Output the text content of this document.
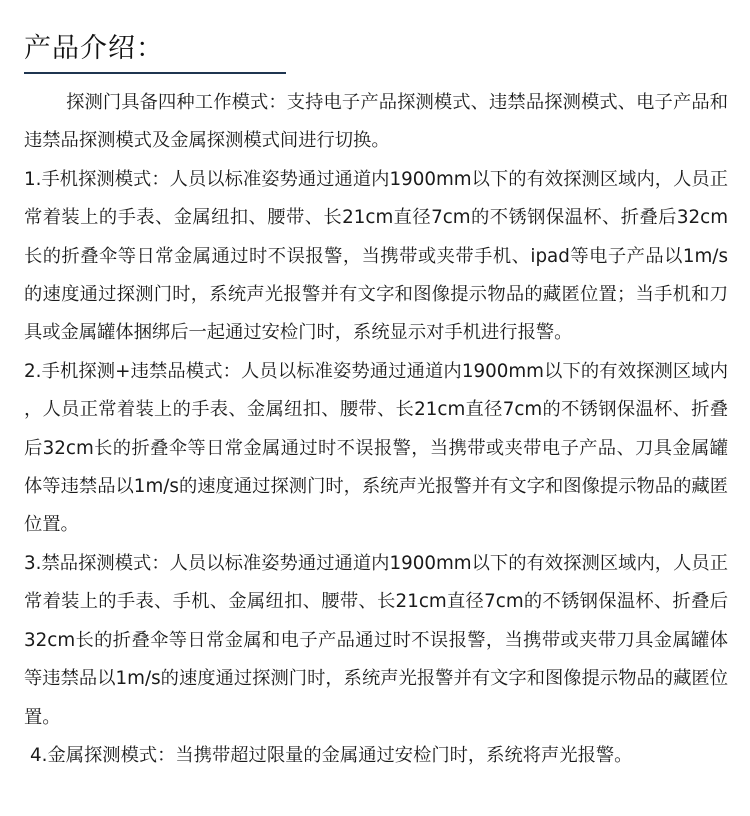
产品介绍：

探测门具备四种工作模式：支持电子产品探测模式、违禁品探测模式、电子产品和违禁品探测模式及金属探测模式间进行切换。

1.手机探测模式：人员以标准姿势通过通道内1900mm以下的有效探测区域内，人员正常着装上的手表、金属纽扣、腰带、长21cm直径7cm的不锈钢保温杯、折叠后32cm长的折叠伞等日常金属通过时不误报警，当携带或夹带手机、ipad等电子产品以1m/s的速度通过探测门时，系统声光报警并有文字和图像提示物品的藏匿位置；当手机和刀具或金属罐体捆绑后一起通过安检门时，系统显示对手机进行报警。

2.手机探测+违禁品模式：人员以标准姿势通过通道内1900mm以下的有效探测区域内，人员正常着装上的手表、金属纽扣、腰带、长21cm直径7cm的不锈钢保温杯、折叠后32cm长的折叠伞等日常金属通过时不误报警，当携带或夹带电子产品、刀具金属罐体等违禁品以1m/s的速度通过探测门时，系统声光报警并有文字和图像提示物品的藏匿位置。

3.禁品探测模式：人员以标准姿势通过通道内1900mm以下的有效探测区域内，人员正常着装上的手表、手机、金属纽扣、腰带、长21cm直径7cm的不锈钢保温杯、折叠后32cm长的折叠伞等日常金属和电子产品通过时不误报警，当携带或夹带刀具金属罐体等违禁品以1m/s的速度通过探测门时，系统声光报警并有文字和图像提示物品的藏匿位置。

4.金属探测模式：当携带超过限量的金属通过安检门时，系统将声光报警。
